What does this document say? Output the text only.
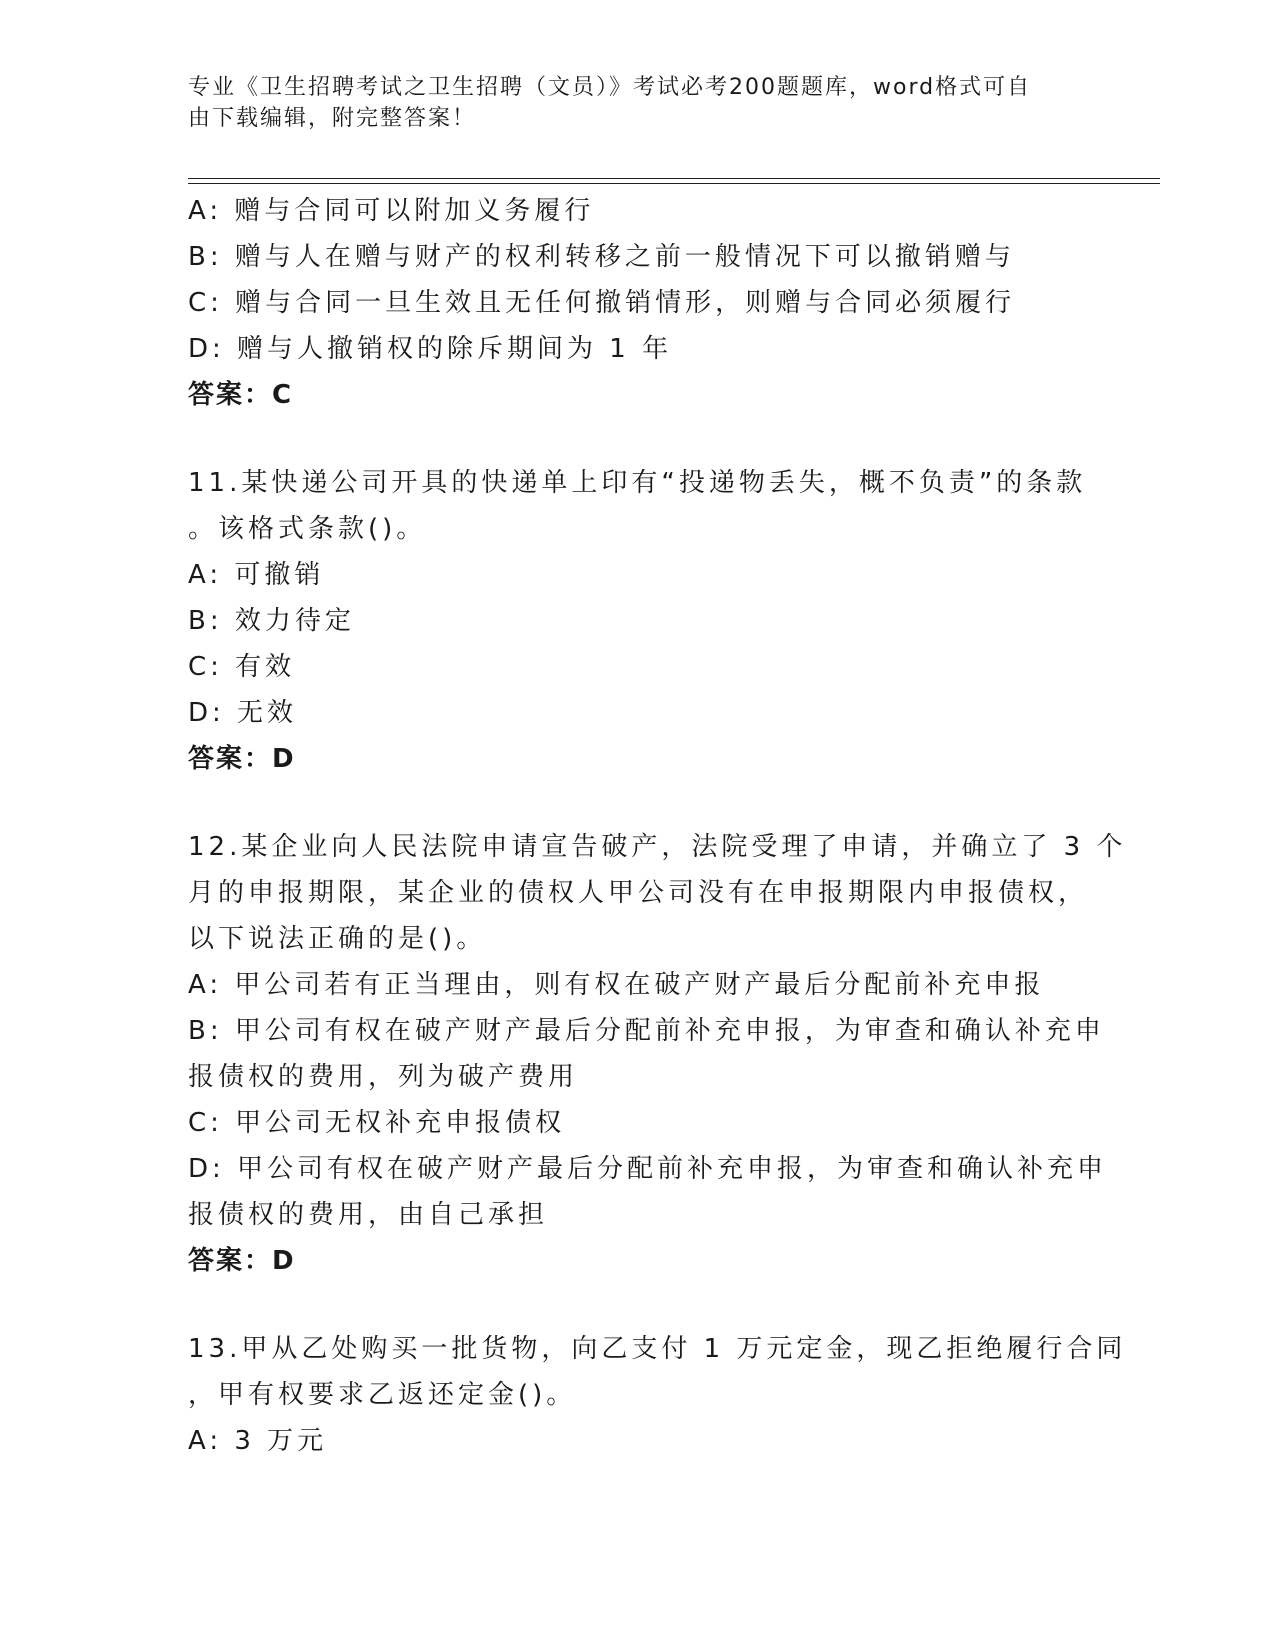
专业《卫生招聘考试之卫生招聘（文员）》考试必考200题题库，word格式可自
由下载编辑，附完整答案！
A: 赠与合同可以附加义务履行
B: 赠与人在赠与财产的权利转移之前一般情况下可以撤销赠与
C: 赠与合同一旦生效且无任何撤销情形，则赠与合同必须履行
D: 赠与人撤销权的除斥期间为 1 年
答案：C
11.某快递公司开具的快递单上印有“投递物丢失，概不负责”的条款
。该格式条款()。
A: 可撤销
B: 效力待定
C: 有效
D: 无效
答案：D
12.某企业向人民法院申请宣告破产，法院受理了申请，并确立了 3 个
月的申报期限，某企业的债权人甲公司没有在申报期限内申报债权，
以下说法正确的是()。
A: 甲公司若有正当理由，则有权在破产财产最后分配前补充申报
B: 甲公司有权在破产财产最后分配前补充申报，为审查和确认补充申
报债权的费用，列为破产费用
C: 甲公司无权补充申报债权
D: 甲公司有权在破产财产最后分配前补充申报，为审查和确认补充申
报债权的费用，由自己承担
答案：D
13.甲从乙处购买一批货物，向乙支付 1 万元定金，现乙拒绝履行合同
，甲有权要求乙返还定金()。
A: 3 万元
